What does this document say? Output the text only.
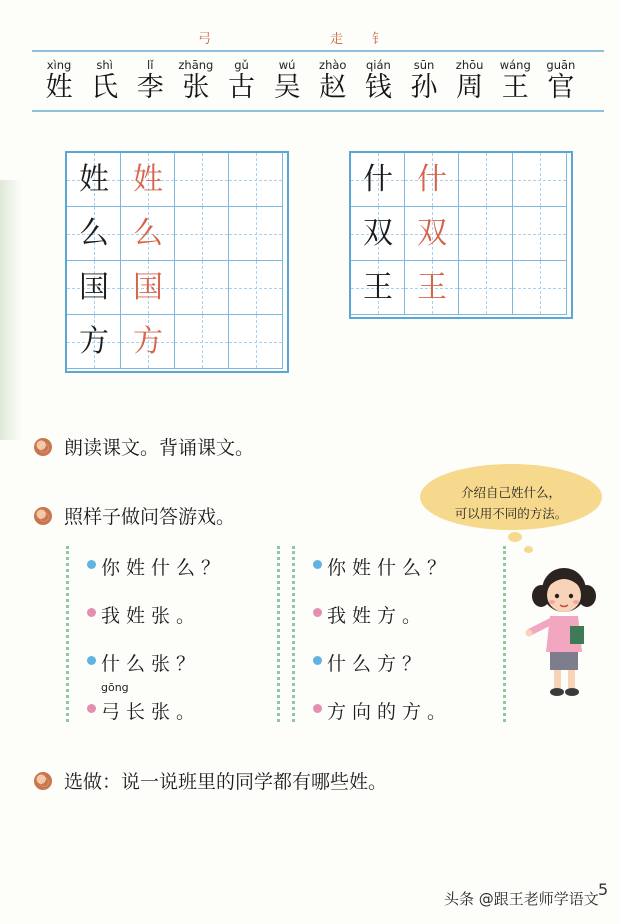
弓	走 钅
xìng	shì	lǐ	zhāng	gǔ	wú	zhào	qián	sūn	zhōu	wáng	guān
姓 氏 李 张 古 吴 赵 钱 孙 周 王 官
姓 姓
么 么
国 国
方 方
什 什
双 双
王 王
朗读课文。背诵课文。
照样子做问答游戏。
介绍自己姓什么，
可以用不同的方法。
你姓什么？
我姓张。
什么张？
gōng
弓长张。
你姓什么？
我姓方。
什么方？
方向的方。
选做：说一说班里的同学都有哪些姓。
头条 @跟王老师学语文 5
